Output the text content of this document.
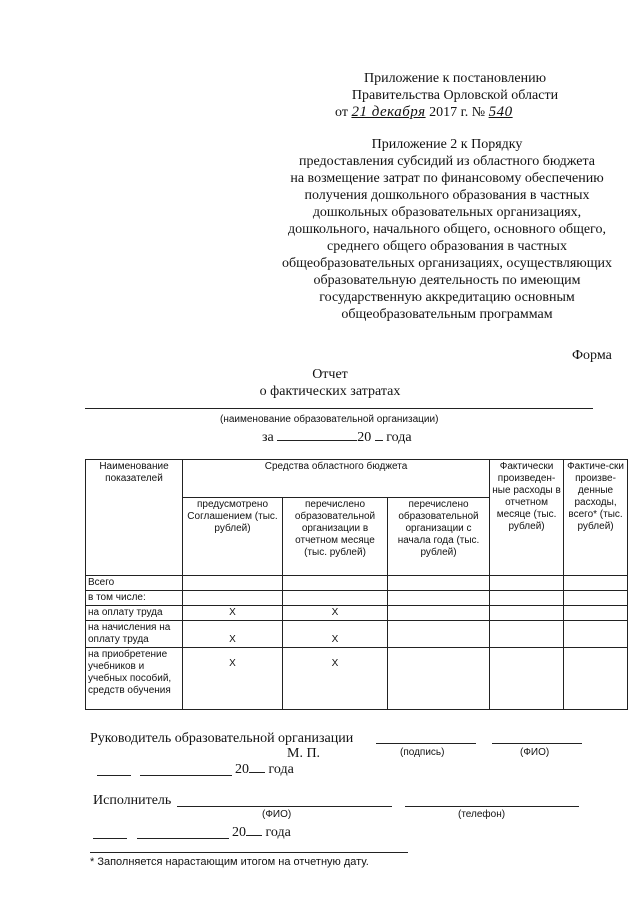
Приложение к постановлению
Правительства Орловской области
от 21 декабря 2017 г. № 540
Приложение 2 к Порядку
предоставления субсидий из областного бюджета
на возмещение затрат по финансовому обеспечению
получения дошкольного образования в частных
дошкольных образовательных организациях,
дошкольного, начального общего, основного общего,
среднего общего образования в частных
общеобразовательных организациях, осуществляющих
образовательную деятельность по имеющим
государственную аккредитацию основным
общеобразовательным программам
Форма
Отчет
о фактических затратах
(наименование образовательной организации)
за	20 года
Наименование показателей	Средства областного бюджета			Фактически произведен-ные расходы в отчетном месяце (тыс. рублей)	Фактиче-ски произве-денные расходы, всего* (тыс. рублей)
	предусмотрено Соглашением (тыс. рублей)	перечислено образовательной организации в отчетном месяце (тыс. рублей)	перечислено образовательной организации с начала года (тыс. рублей)		
Всего					
в том числе:					
на оплату труда	X	X			
на начисления на оплату труда	X	X			
на приобретение учебников и учебных пособий, средств обучения	X	X			
Руководитель образовательной организации
М. П.	(подпись)	(ФИО)
20 года
Исполнитель
(ФИО)	(телефон)
20 года
* Заполняется нарастающим итогом на отчетную дату.
